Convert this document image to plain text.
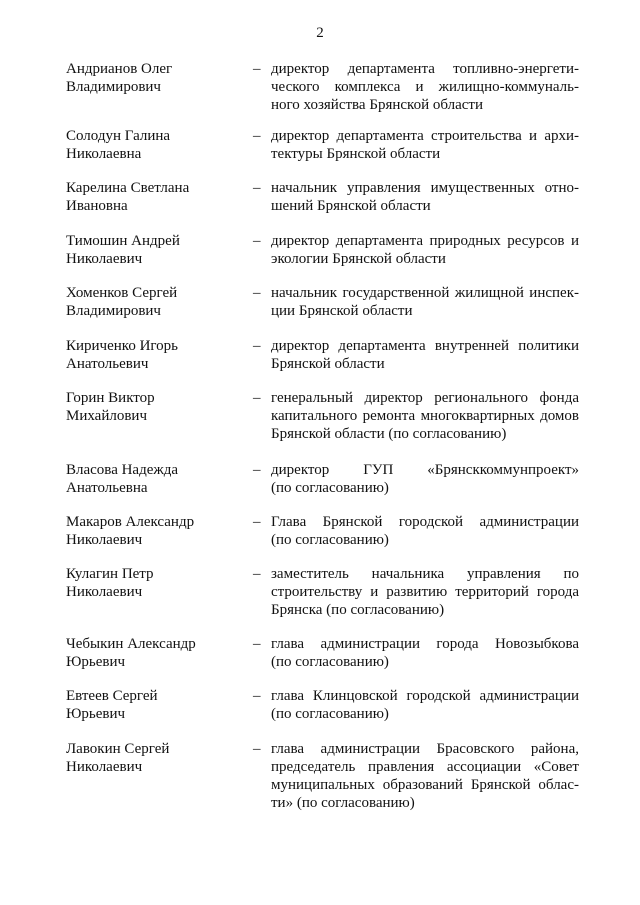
2
Андрианов Олег
Владимирович
– директор департамента топливно-энергети-
ческого комплекса и жилищно-коммуналь-
ного хозяйства Брянской области
Солодун Галина
Николаевна
– директор департамента строительства и архи-
тектуры Брянской области
Карелина Светлана
Ивановна
– начальник управления имущественных отно-
шений Брянской области
Тимошин Андрей
Николаевич
– директор департамента природных ресурсов и
экологии Брянской области
Хоменков Сергей
Владимирович
– начальник государственной жилищной инспек-
ции Брянской области
Кириченко Игорь
Анатольевич
– директор департамента внутренней политики
Брянской области
Горин Виктор
Михайлович
– генеральный директор регионального фонда
капитального ремонта многоквартирных домов
Брянской области (по согласованию)
Власова Надежда
Анатольевна
– директор ГУП «Брянсккоммунпроект»
(по согласованию)
Макаров Александр
Николаевич
– Глава Брянской городской администрации
(по согласованию)
Кулагин Петр
Николаевич
– заместитель начальника управления по
строительству и развитию территорий города
Брянска (по согласованию)
Чебыкин Александр
Юрьевич
– глава администрации города Новозыбкова
(по согласованию)
Евтеев Сергей
Юрьевич
– глава Клинцовской городской администрации
(по согласованию)
Лавокин Сергей
Николаевич
– глава администрации Брасовского района,
председатель правления ассоциации «Совет
муниципальных образований Брянской облас-
ти» (по согласованию)
